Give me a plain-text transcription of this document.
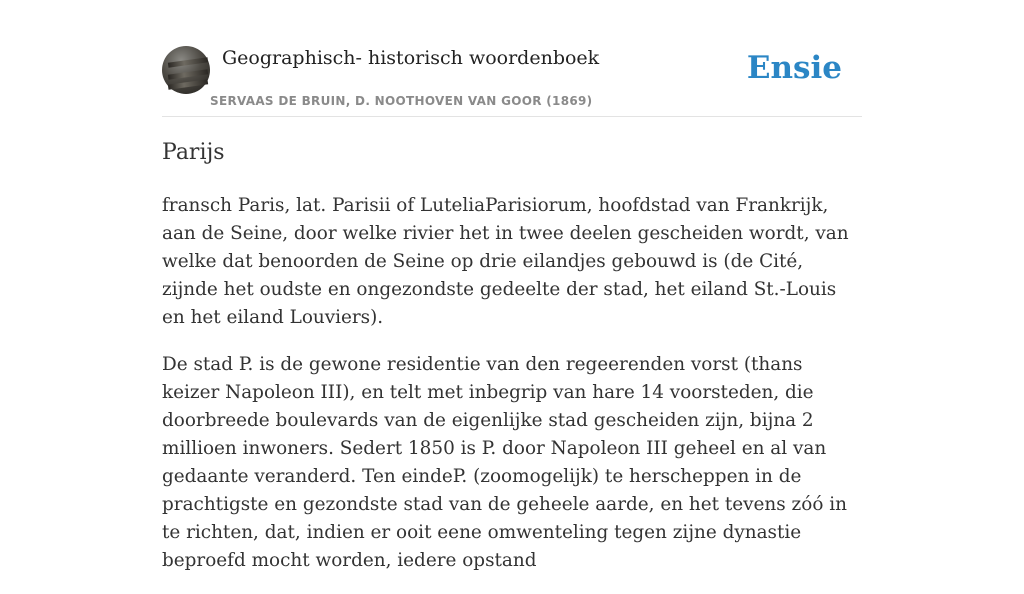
Geographisch- historisch woordenboek
SERVAAS DE BRUIN, D. NOOTHOVEN VAN GOOR (1869)
Ensie
Parijs

fransch Paris, lat. Parisii of LuteliaParisiorum, hoofdstad van Frankrijk, aan de Seine, door welke rivier het in twee deelen gescheiden wordt, van welke dat benoorden de Seine op drie eilandjes gebouwd is (de Cité, zijnde het oudste en ongezondste gedeelte der stad, het eiland St.-Louis en het eiland Louviers).

De stad P. is de gewone residentie van den regeerenden vorst (thans keizer Napoleon III), en telt met inbegrip van hare 14 voorsteden, die doorbreede boulevards van de eigenlijke stad gescheiden zijn, bijna 2 millioen inwoners. Sedert 1850 is P. door Napoleon III geheel en al van gedaante veranderd. Ten eindeP. (zoomogelijk) te herscheppen in de prachtigste en gezondste stad van de geheele aarde, en het tevens zóó in te richten, dat, indien er ooit eene omwenteling tegen zijne dynastie beproefd mocht worden, iedere opstand
